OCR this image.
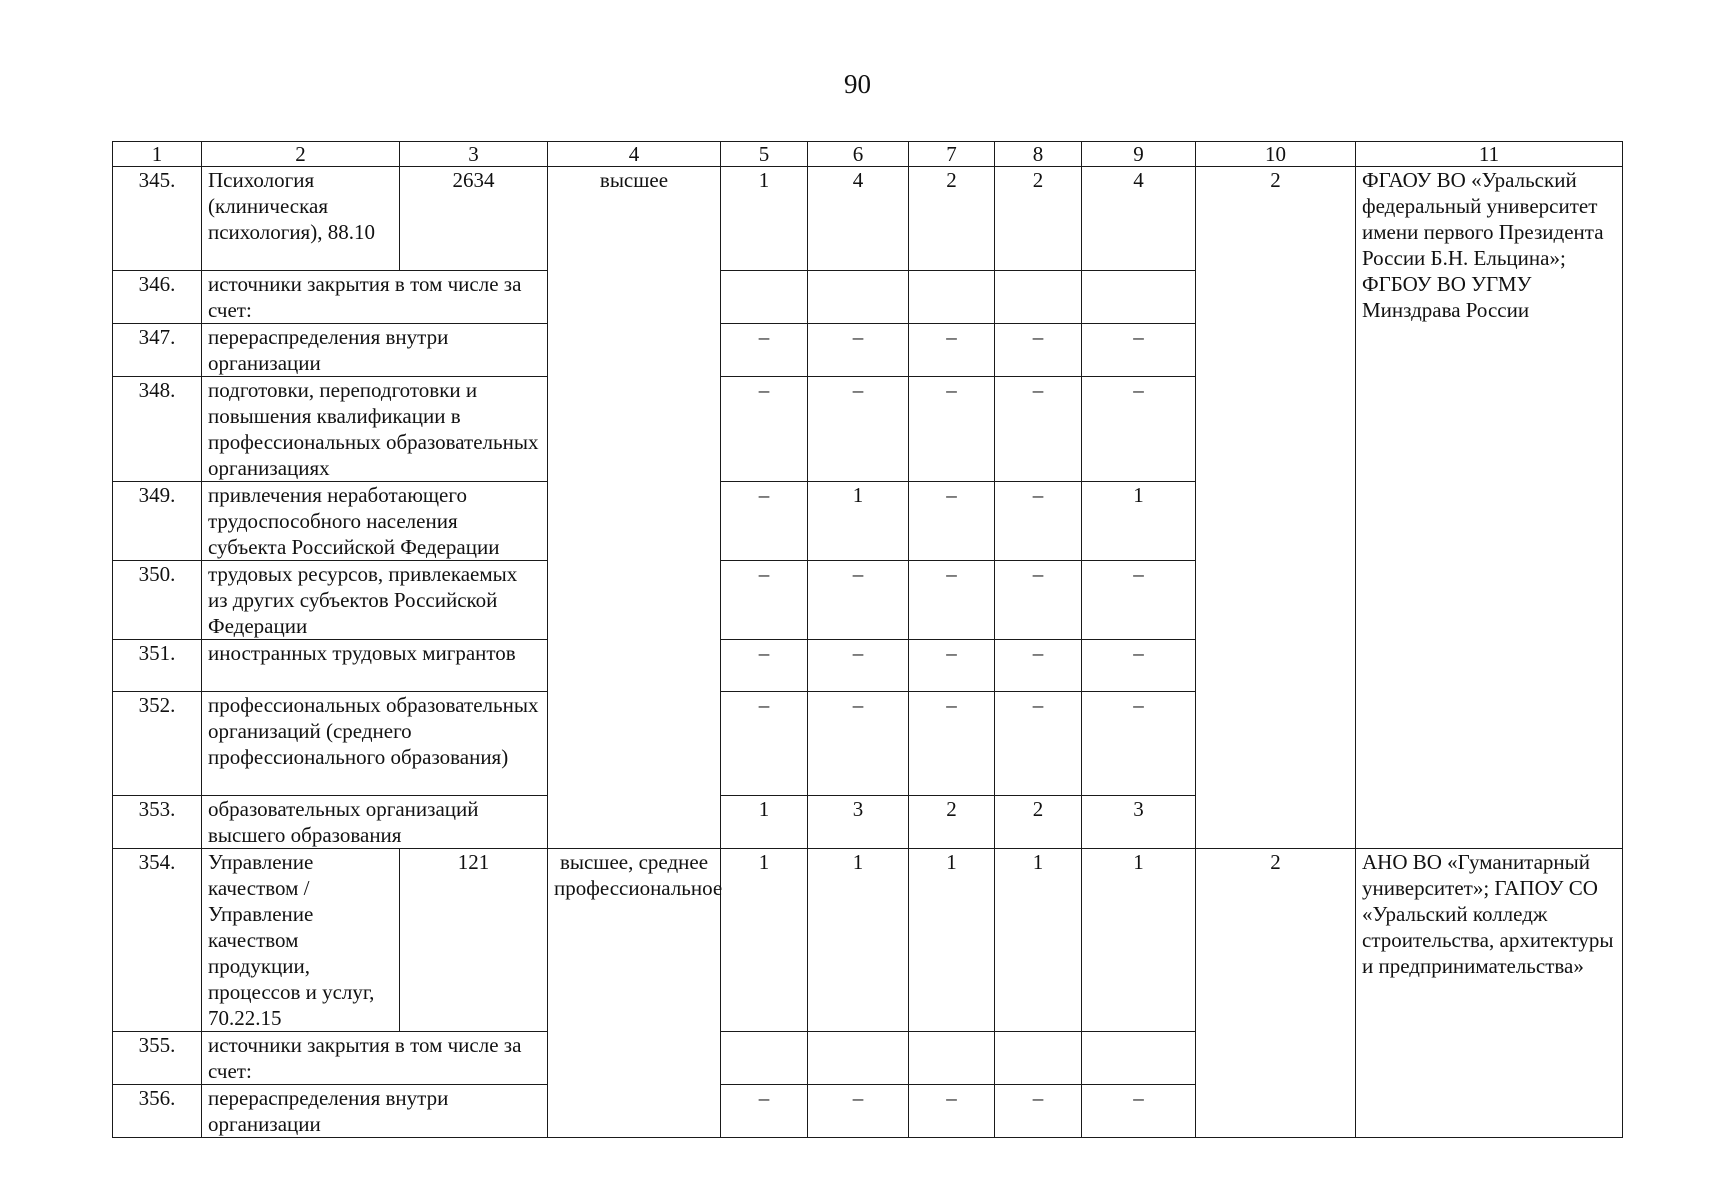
90
1	2	3	4	5	6	7	8	9	10	11
345.	Психология (клиническая психология), 88.10	2634	высшее	1	4	2	2	4	2	ФГАОУ ВО «Уральский федеральный университет имени первого Президента России Б.Н. Ельцина»; ФГБОУ ВО УГМУ Минздрава России
346.	источники закрытия в том числе за счет:									
347.	перераспределения внутри организации			–	–	–	–	–		
348.	подготовки, переподготовки и повышения квалификации в профессиональных образовательных организациях			–	–	–	–	–		
349.	привлечения неработающего трудоспособного населения субъекта Российской Федерации			–	1	–	–	1		
350.	трудовых ресурсов, привлекаемых из других субъектов Российской Федерации			–	–	–	–	–		
351.	иностранных трудовых мигрантов			–	–	–	–	–		
352.	профессиональных образовательных организаций (среднего профессионального образования)			–	–	–	–	–		
353.	образовательных организаций высшего образования			1	3	2	2	3		
354.	Управление качеством / Управление качеством продукции, процессов и услуг, 70.22.15	121	высшее, среднее профессиональное	1	1	1	1	1	2	АНО ВО «Гуманитарный университет»; ГАПОУ СО «Уральский колледж строительства, архитектуры и предпринимательства»
355.	источники закрытия в том числе за счет:									
356.	перераспределения внутри организации			–	–	–	–	–		
